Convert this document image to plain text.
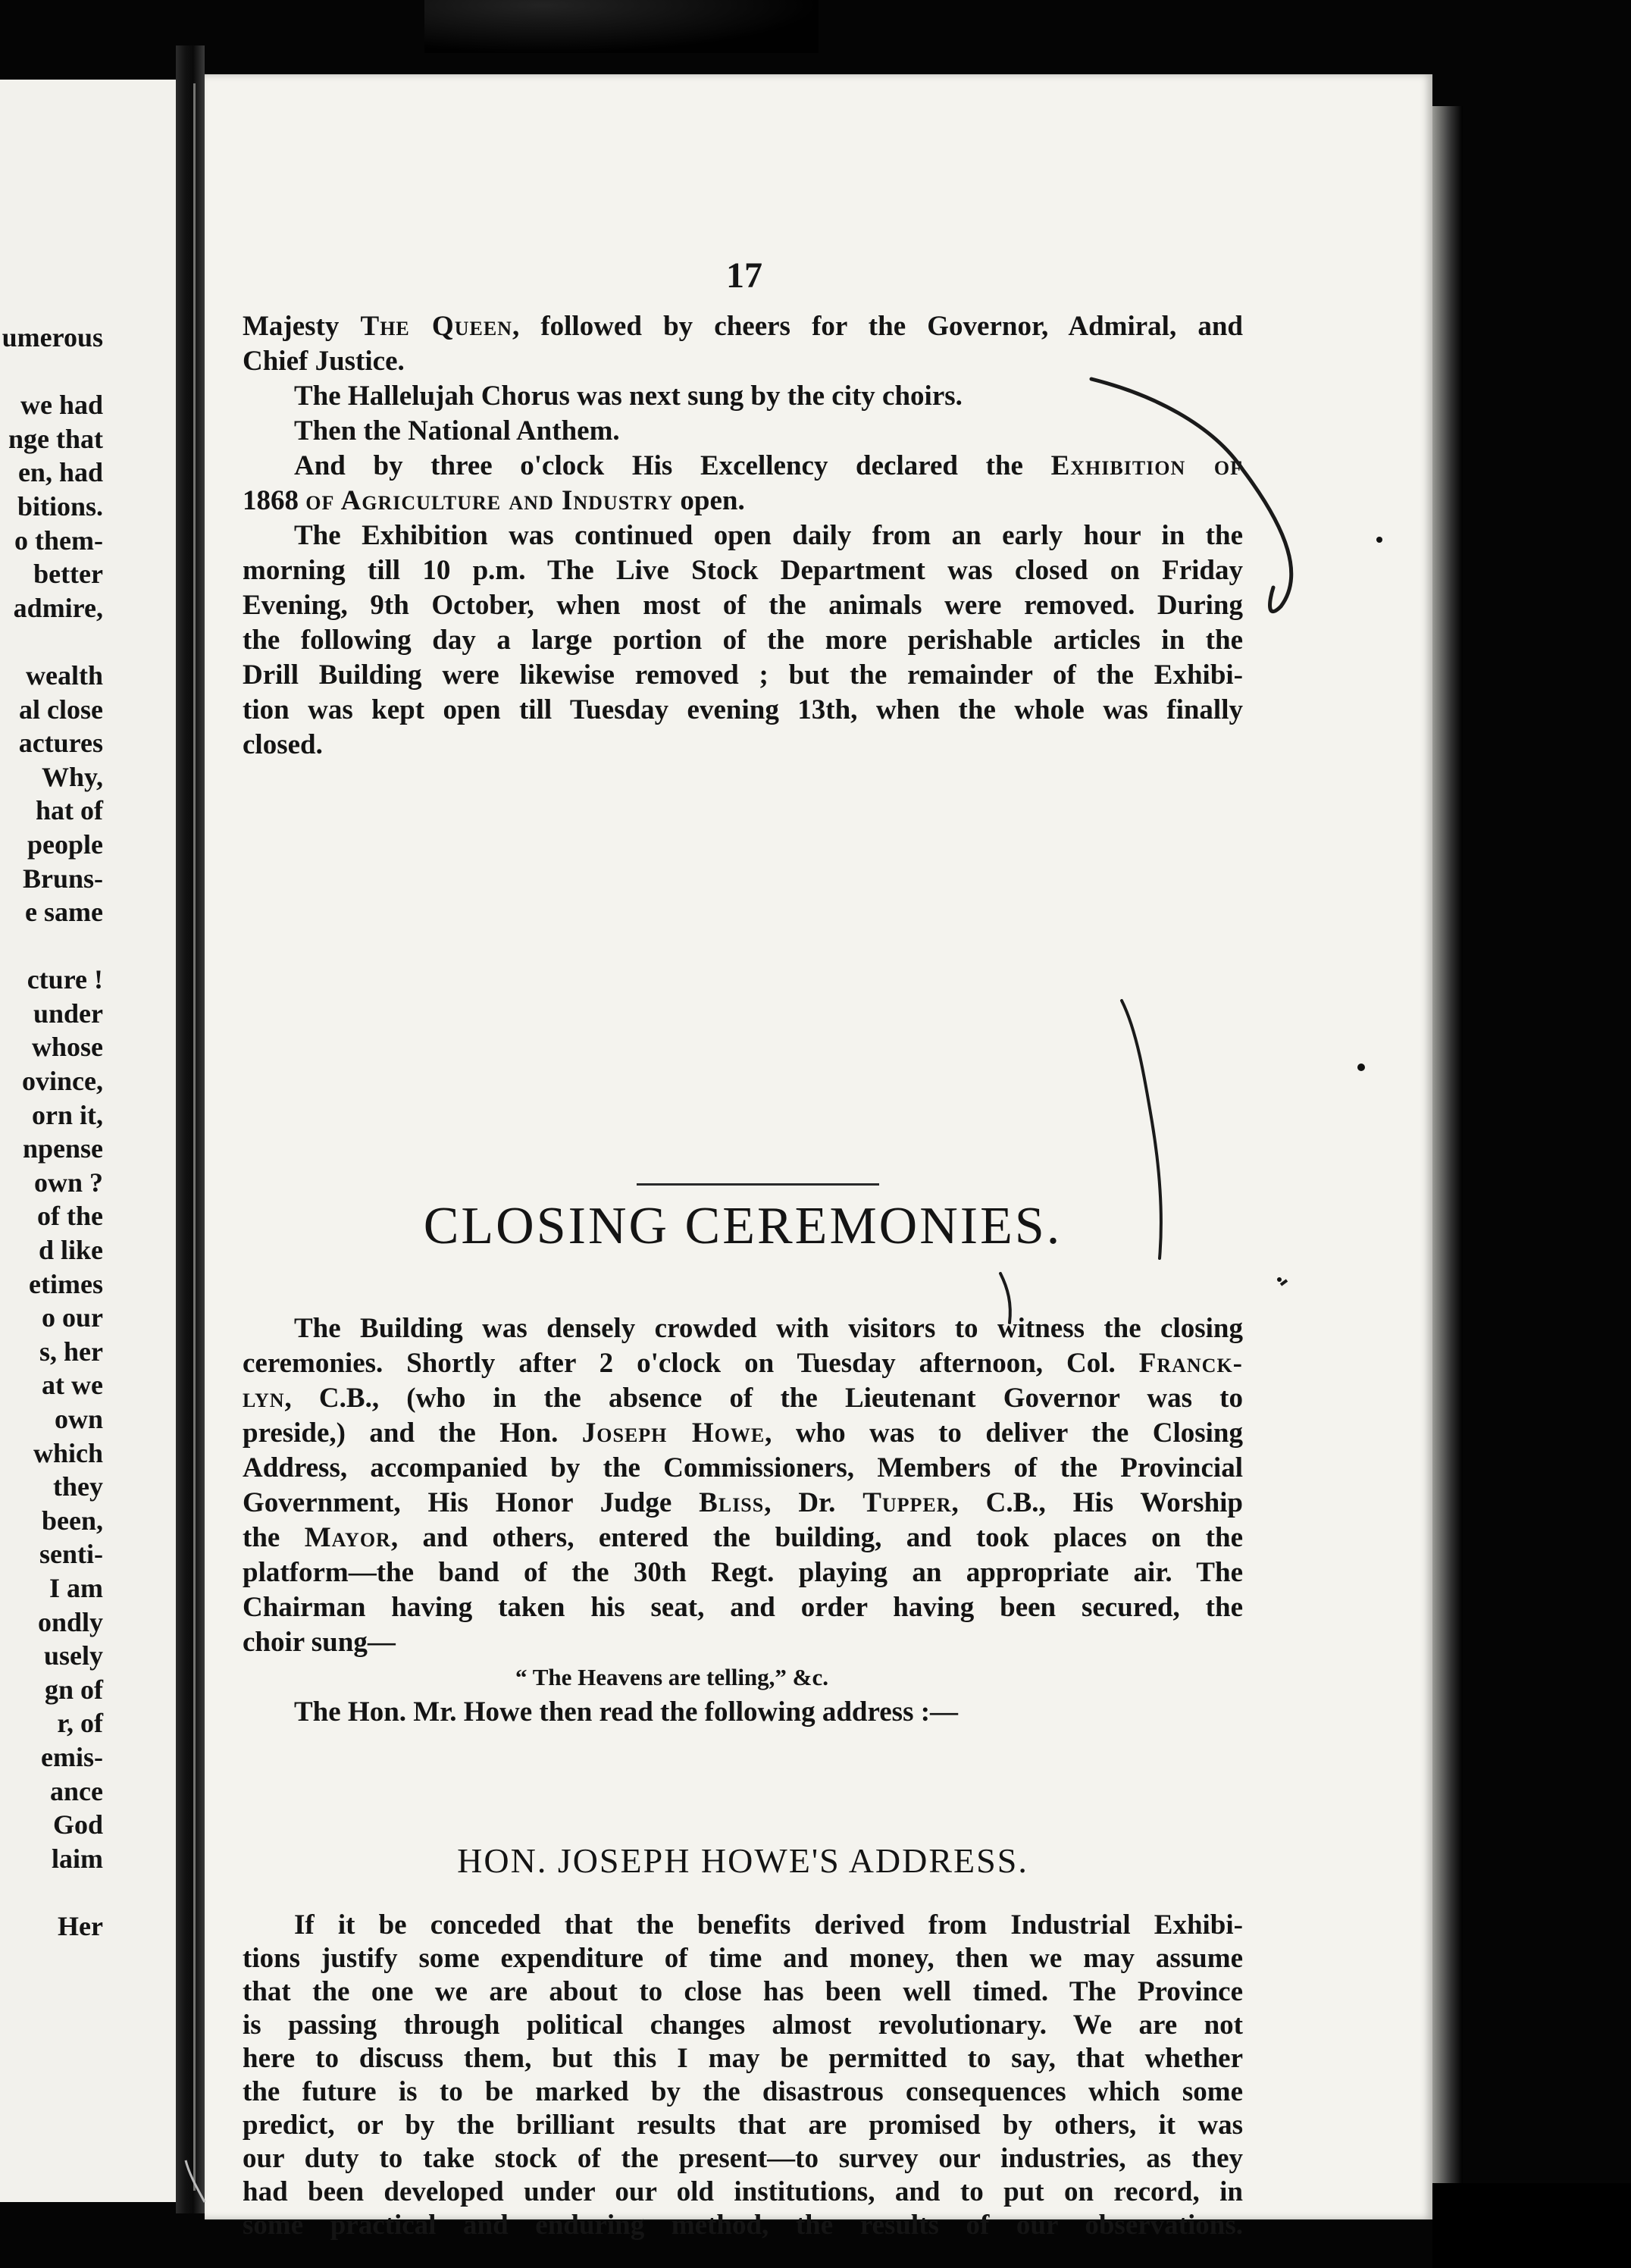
umerous
we had
nge that
en, had
bitions.
o them-
better
admire,
wealth
al close
actures
Why,
hat of
people
Bruns-
e same
cture !
under
whose
ovince,
orn it,
npense
own ?
of the
d like
etimes
o our
s, her
at we
own
which
they
been,
senti-
I am
ondly
usely
gn of
r, of
emis-
ance
God
laim
Her
17

Majesty The Queen, followed by cheers for the Governor, Admiral, and
Chief Justice.

The Hallelujah Chorus was next sung by the city choirs.

Then the National Anthem.

And by three o'clock His Excellency declared the Exhibition of
1868 of Agriculture and Industry open.

The Exhibition was continued open daily from an early hour in the
morning till 10 p.m. The Live Stock Department was closed on Friday
Evening, 9th October, when most of the animals were removed. During
the following day a large portion of the more perishable articles in the
Drill Building were likewise removed ; but the remainder of the Exhibi-
tion was kept open till Tuesday evening 13th, when the whole was finally
closed.

CLOSING CEREMONIES.

The Building was densely crowded with visitors to witness the closing
ceremonies. Shortly after 2 o'clock on Tuesday afternoon, Col. Franck-
lyn, C.B., (who in the absence of the Lieutenant Governor was to
preside,) and the Hon. Joseph Howe, who was to deliver the Closing
Address, accompanied by the Commissioners, Members of the Provincial
Government, His Honor Judge Bliss, Dr. Tupper, C.B., His Worship
the Mayor, and others, entered the building, and took places on the
platform—the band of the 30th Regt. playing an appropriate air. The
Chairman having taken his seat, and order having been secured, the
choir sung—
“ The Heavens are telling,” &c.
The Hon. Mr. Howe then read the following address :—

HON. JOSEPH HOWE'S ADDRESS.

If it be conceded that the benefits derived from Industrial Exhibi-
tions justify some expenditure of time and money, then we may assume
that the one we are about to close has been well timed. The Province
is passing through political changes almost revolutionary. We are not
here to discuss them, but this I may be permitted to say, that whether
the future is to be marked by the disastrous consequences which some
predict, or by the brilliant results that are promised by others, it was
our duty to take stock of the present—to survey our industries, as they
had been developed under our old institutions, and to put on record, in
some practical and enduring method, the results of our observations.
